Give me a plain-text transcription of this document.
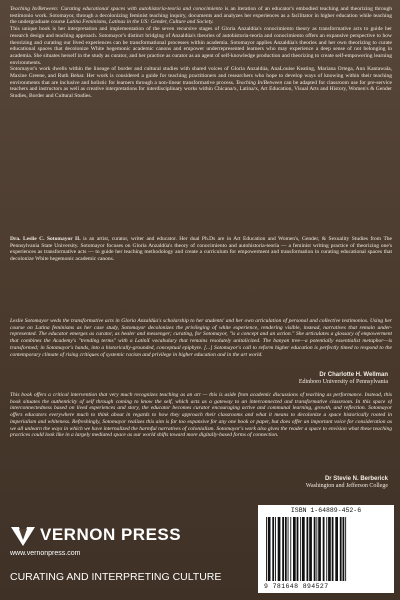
Teaching In/Between: Curating educational spaces with autohistoria-teoría and conocimiento is an iteration of an educator's embodied teaching and theorizing through testimonio work. Sotomayor, through a decolonizing feminist teaching inquiry, documents and analyzes her experiences as a facilitator in higher education while teaching the undergraduate course Latina Feminisms, Latinas in the US: Gender, Culture and Society.

This unique book is her interpretation and implementation of the seven recursive stages of Gloria Anzaldúa's conocimiento theory as transformative acts to guide her research design and teaching approach. Sotomayor's distinct bridging of Anzaldúa's theories of autohistoria-teoría and conocimiento offers an expansive perspective to how theorizing and curating our lived experiences can be transformational processes within academia. Sotomayor applies Anzaldúa's theories and her own theorizing to curate educational spaces that decolonize White hegemonic academic canons and empower underrepresented learners who may experience a deep sense of not belonging in academia. She situates herself in the study as curator, and her practice as curator as an agent of self-knowledge production and theorizing to create self-empowering learning environments.

Sotomayor's work dwells within the lineage of border and cultural studies with shared voices of Gloria Anzaldúa, AnaLouise Keating, Mariana Ortega, Ann Kantawala, Maxine Greene, and Ruth Behar. Her work is considered a guide for teaching practitioners and researchers who hope to develop ways of knowing within their teaching environments that are inclusive and holistic for learners through a non-linear transformative process. Teaching In/Between can be adapted for classroom use for pre-service teachers and instructors as well as creative interpretations for interdisciplinary works within Chicana/x, Latina/x, Art Education, Visual Arts and History, Women's & Gender Studies, Border and Cultural Studies.

Dra. Leslie C. Sotomayor II. is an artist, curator, writer and educator. Her dual Ph.Ds are in Art Education and Women's, Gender, & Sexuality Studies from The Pennsylvania State University. Sotomayor focuses on Gloria Anzaldúa's theory of conocimiento and autohistoria-teoría — a feminist writing practice of theorizing one's experiences as transformative acts — to guide her teaching methodology and create a curriculum for empowerment and transformation in curating educational spaces that decolonize White hegemonic academic canons.

Leslie Sotomayor weds the transformative acts in Gloria Anzaldúa's scholarship to her students' and her own articulation of personal and collective testimonios. Using her course on Latina feminisms as her case study, Sotomayor decolonizes the privileging of white experience, rendering visible, instead, narratives that remain under-represented. The educator emerges as curator, as healer and messenger; curating, for Sotomayor, "is a concept and an action." She articulates a glossary of empowerment that combines the Academy's "trending terms" with a LatinX vocabulary that remains resolutely unitalicized. The banyan tree—a potentially essentialist metaphor—is transformed; in Sotomayor's hands, into a historically-grounded, conceptual epiphyte. [...] Sotomayor's call to reform higher education is perfectly timed to respond to the contemporary climate of rising critiques of systemic racism and privilege in higher education and in the art world.

Dr Charlotte H. Wellman
Edinboro University of Pennsylvania

This book offers a critical intervention that very much recognizes teaching as an art — this is aside from academic discussions of teaching as performance. Instead, this book situates the authenticity of self through coming to know the self, which acts as a gateway to an interconnected and transformative classroom. In this space of interconnectedness based on lived experiences and story, the educator becomes curator encouraging active and communal learning, growth, and reflection. Sotomayor offers educators everywhere much to think about in regards to how they approach their classrooms and what it means to decolonize a space historically rooted in imperialism and whiteness. Refreshingly, Sotomayor realizes this aim is far too expansive for any one book or paper, but does offer an important voice for consideration as we all unlearn the ways in which we have internalized the harmful narratives of colonialism. Sotomayor's work also gives the reader a space to envision what these teaching practices could look like in a largely mediated space as our world shifts toward more digitally-based forms of connection.

Dr Stevie N. Berberick
Washington and Jefferson College
VERNON PRESS
www.vernonpress.com
CURATING AND INTERPRETING CULTURE
ISBN 1-64889-452-6
9 781648 894527
